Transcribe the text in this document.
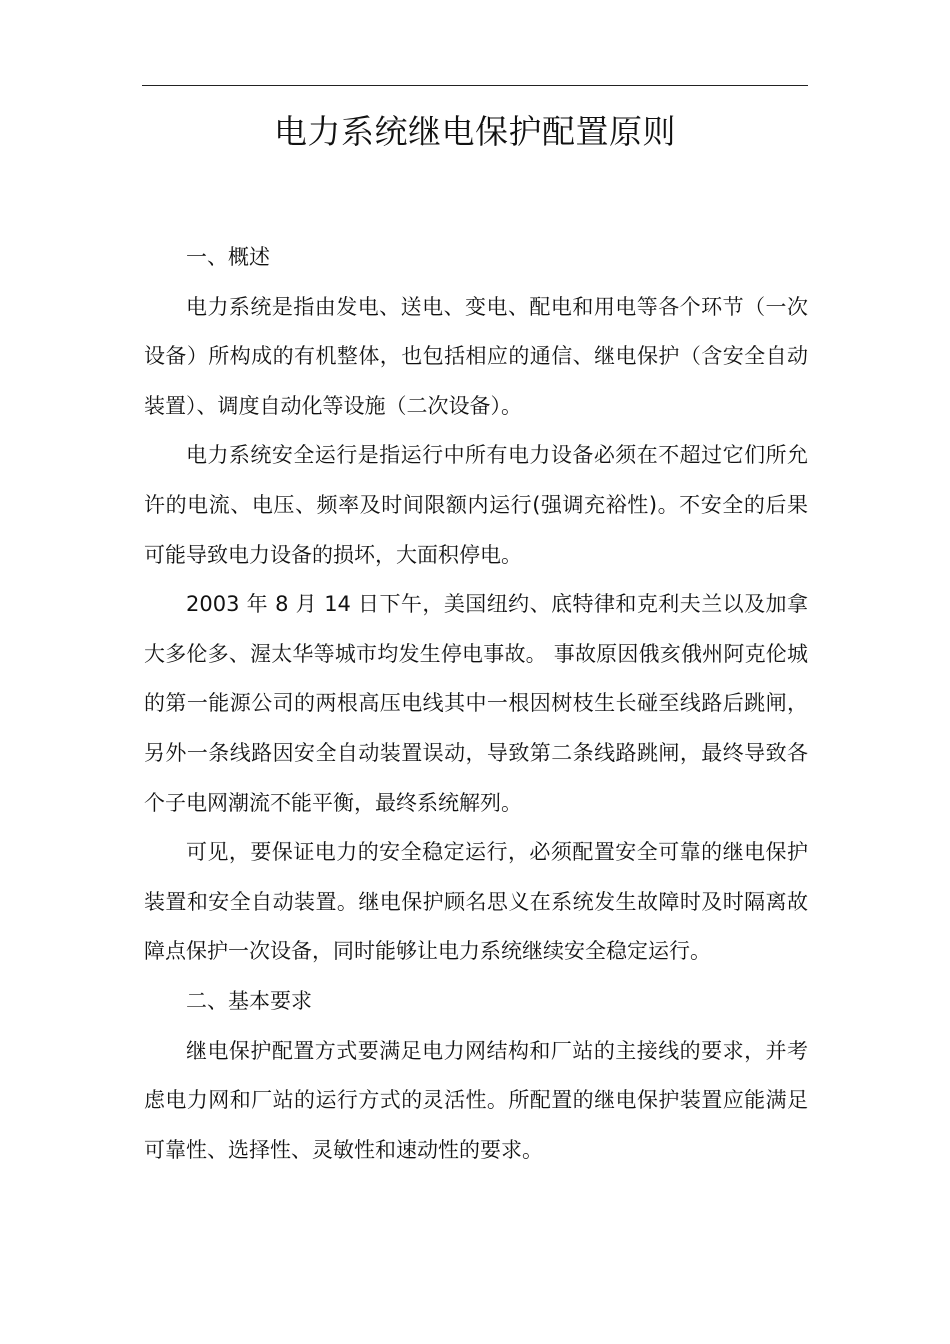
电力系统继电保护配置原则

一、概述

电力系统是指由发电、送电、变电、配电和用电等各个环节（一次设备）所构成的有机整体，也包括相应的通信、继电保护（含安全自动装置）、调度自动化等设施（二次设备）。

电力系统安全运行是指运行中所有电力设备必须在不超过它们所允许的电流、电压、频率及时间限额内运行(强调充裕性)。不安全的后果可能导致电力设备的损坏，大面积停电。

2003 年 8 月 14 日下午，美国纽约、底特律和克利夫兰以及加拿大多伦多、渥太华等城市均发生停电事故。 事故原因俄亥俄州阿克伦城的第一能源公司的两根高压电线其中一根因树枝生长碰至线路后跳闸，另外一条线路因安全自动装置误动，导致第二条线路跳闸，最终导致各个子电网潮流不能平衡，最终系统解列。

可见，要保证电力的安全稳定运行，必须配置安全可靠的继电保护装置和安全自动装置。继电保护顾名思义在系统发生故障时及时隔离故障点保护一次设备，同时能够让电力系统继续安全稳定运行。

二、基本要求

继电保护配置方式要满足电力网结构和厂站的主接线的要求，并考虑电力网和厂站的运行方式的灵活性。所配置的继电保护装置应能满足可靠性、选择性、灵敏性和速动性的要求。
